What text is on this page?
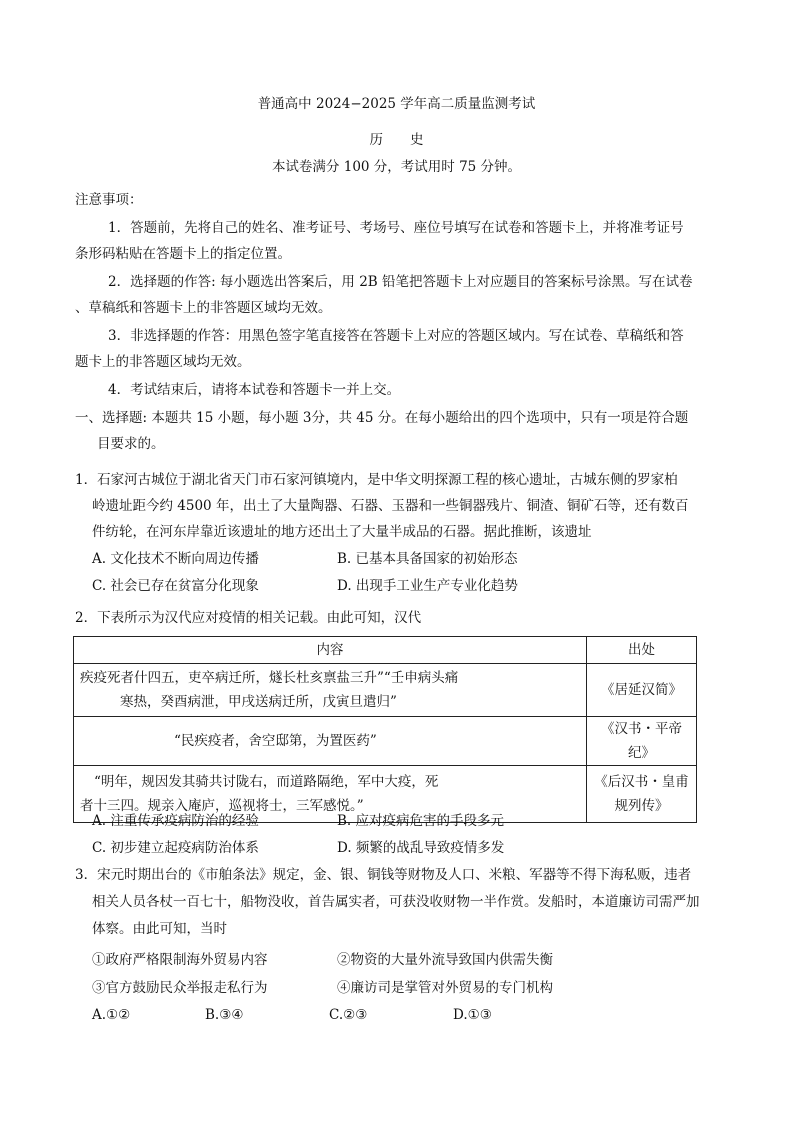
普通高中 2024−2025 学年高二质量监测考试
历　　史
本试卷满分 100 分，考试用时 75 分钟。
注意事项：
1．答题前，先将自己的姓名、准考证号、考场号、座位号填写在试卷和答题卡上，并将准考证号
条形码粘贴在答题卡上的指定位置。
2．选择题的作答: 每小题选出答案后，用 2B 铅笔把答题卡上对应题目的答案标号涂黑。写在试卷
、草稿纸和答题卡上的非答题区域均无效。
3．非选择题的作答：用黑色签字笔直接答在答题卡上对应的答题区域内。写在试卷、草稿纸和答
题卡上的非答题区域均无效。
4．考试结束后，请将本试卷和答题卡一并上交。
一、选择题: 本题共 15 小题，每小题 3分，共 45 分。在每小题给出的四个选项中，只有一项是符合题
目要求的。
1．石家河古城位于湖北省天门市石家河镇境内，是中华文明探源工程的核心遗址，古城东侧的罗家柏
岭遗址距今约 4500 年，出土了大量陶器、石器、玉器和一些铜器残片、铜渣、铜矿石等，还有数百
件纺轮，在河东岸靠近该遗址的地方还出土了大量半成品的石器。据此推断，该遗址
A. 文化技术不断向周边传播	B. 已基本具备国家的初始形态
C. 社会已存在贫富分化现象	D. 出现手工业生产专业化趋势
2．下表所示为汉代应对疫情的相关记载。由此可知，汉代
内容	出处

疾疫死者什四五，吏卒病迁所，燧长杜亥禀盐三升”“壬申病头痛
寒热，癸酉病泄，甲戌送病迁所，戊寅旦遣归”	《居延汉简》
“民疾疫者，舍空邸第，为置医药”	《汉书・平帝纪》

“明年，规因发其骑共讨陇右，而道路隔绝，军中大疫，死
者十三四。规亲入庵庐，巡视将士，三军感悦。”	《后汉书・皇甫规列传》
A. 注重传承疫病防治的经验	B. 应对疫病危害的手段多元
C. 初步建立起疫病防治体系	D. 频繁的战乱导致疫情多发
3．宋元时期出台的《市舶条法》规定，金、银、铜钱等财物及人口、米粮、军器等不得下海私贩，违者
相关人员各杖一百七十，船物没收，首告属实者，可获没收财物一半作赏。发船时，本道廉访司需严加
体察。由此可知，当时
①政府严格限制海外贸易内容	②物资的大量外流导致国内供需失衡
③官方鼓励民众举报走私行为	④廉访司是掌管对外贸易的专门机构
A.①②	B.③④	C.②③	D.①③
